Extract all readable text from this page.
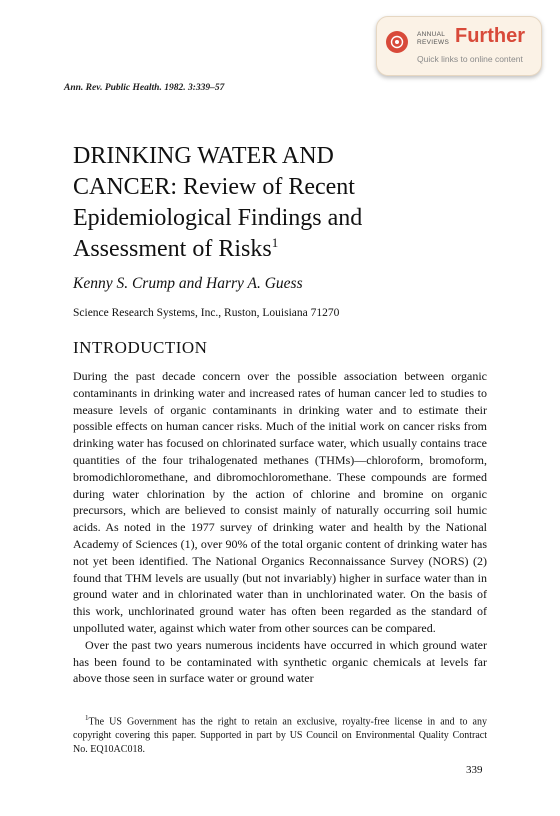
ANNUAL
REVIEWS Further
Quick links to online content
Ann. Rev. Public Health. 1982. 3:339–57
DRINKING WATER AND
CANCER: Review of Recent
Epidemiological Findings and
Assessment of Risks$^1$
Kenny S. Crump and Harry A. Guess
Science Research Systems, Inc., Ruston, Louisiana 71270
INTRODUCTION

During the past decade concern over the possible association between organic contaminants in drinking water and increased rates of human cancer led to studies to measure levels of organic contaminants in drinking water and to estimate their possible effects on human cancer risks. Much of the initial work on cancer risks from drinking water has focused on chlorinated surface water, which usually contains trace quantities of the four trihalogenated methanes (THMs)—chloroform, bromoform, bromodichloromethane, and dibromochloromethane. These compounds are formed during water chlorination by the action of chlorine and bromine on organic precursors, which are believed to consist mainly of naturally occurring soil humic acids. As noted in the 1977 survey of drinking water and health by the National Academy of Sciences (1), over 90% of the total organic content of drinking water has not yet been identified. The National Organics Reconnaissance Survey (NORS) (2) found that THM levels are usually (but not invariably) higher in surface water than in ground water and in chlorinated water than in unchlorinated water. On the basis of this work, unchlorinated ground water has often been regarded as the standard of unpolluted water, against which water from other sources can be compared.

Over the past two years numerous incidents have occurred in which ground water has been found to be contaminated with synthetic organic chemicals at levels far above those seen in surface water or ground water

$^1$The US Government has the right to retain an exclusive, royalty-free license in and to any copyright covering this paper. Supported in part by US Council on Environmental Quality Contract No. EQ10AC018.

339
